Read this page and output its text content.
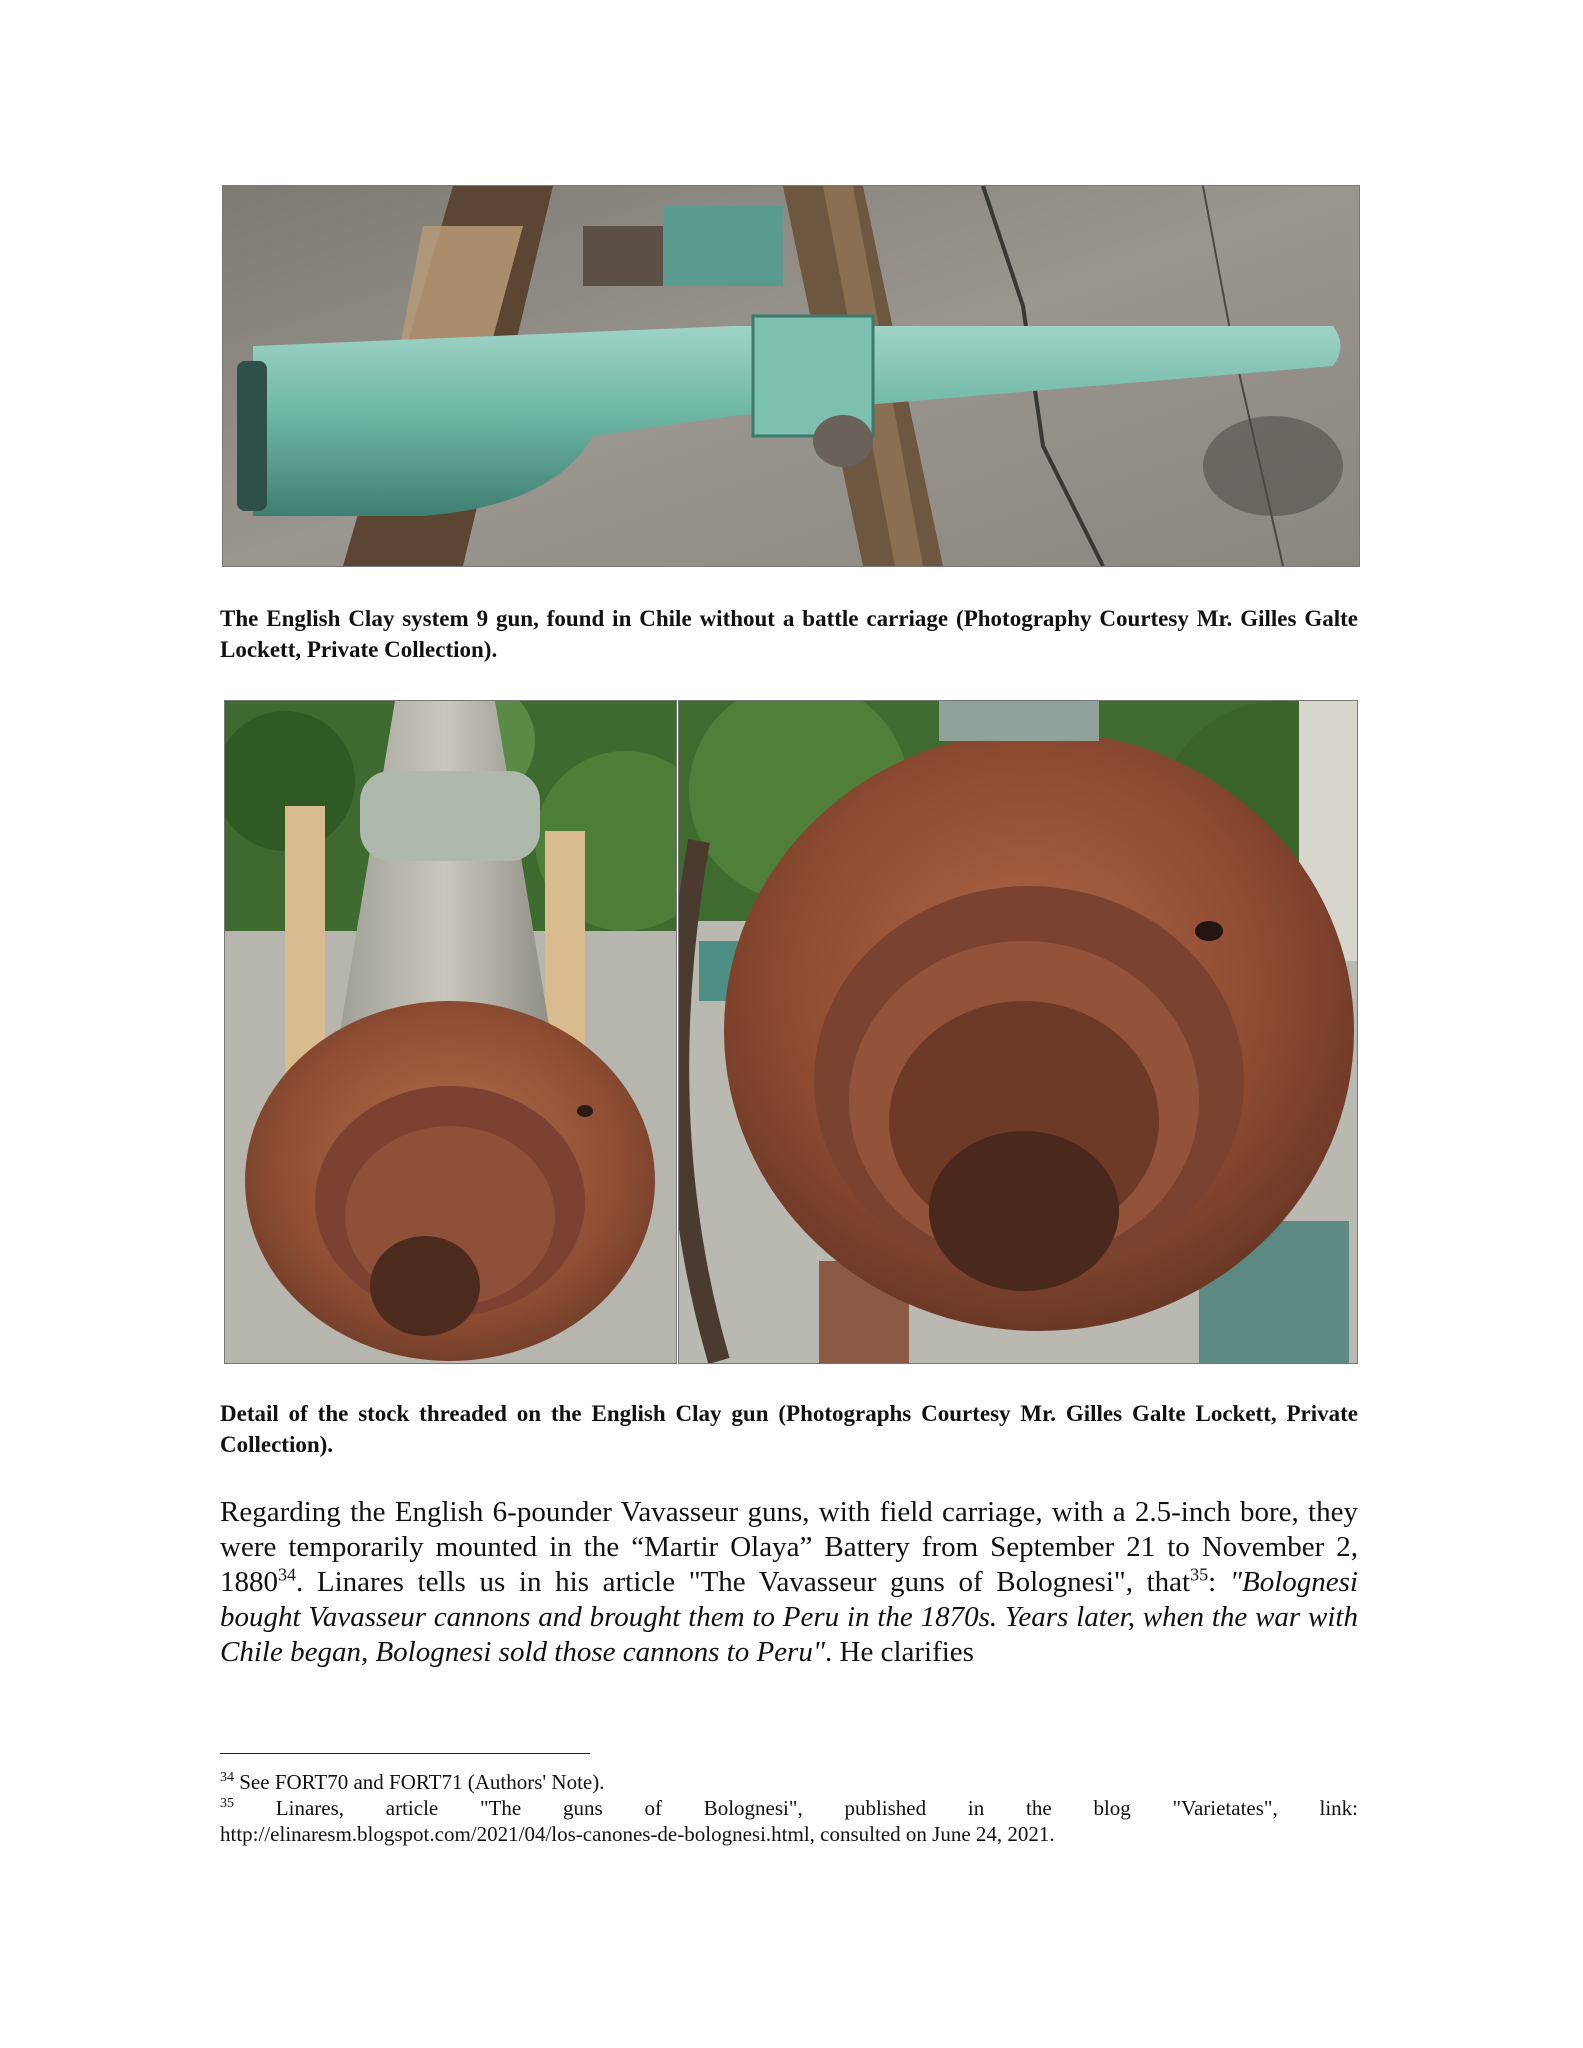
The English Clay system 9 gun, found in Chile without a battle carriage (Photography Courtesy Mr. Gilles Galte Lockett, Private Collection).
Detail of the stock threaded on the English Clay gun (Photographs Courtesy Mr. Gilles Galte Lockett, Private Collection).
Regarding the English 6-pounder Vavasseur guns, with field carriage, with a 2.5-inch bore, they were temporarily mounted in the “Martir Olaya” Battery from September 21 to November 2, 1880$^{34}$. Linares tells us in his article "The Vavasseur guns of Bolognesi", that$^{35}$: "Bolognesi bought Vavasseur cannons and brought them to Peru in the 1870s. Years later, when the war with Chile began, Bolognesi sold those cannons to Peru". He clarifies

$^{34}$ See FORT70 and FORT71 (Authors' Note).

$^{35}$ Linares, article "The guns of Bolognesi", published in the blog "Varietates", link:

http://elinaresm.blogspot.com/2021/04/los-canones-de-bolognesi.html, consulted on June 24, 2021.
